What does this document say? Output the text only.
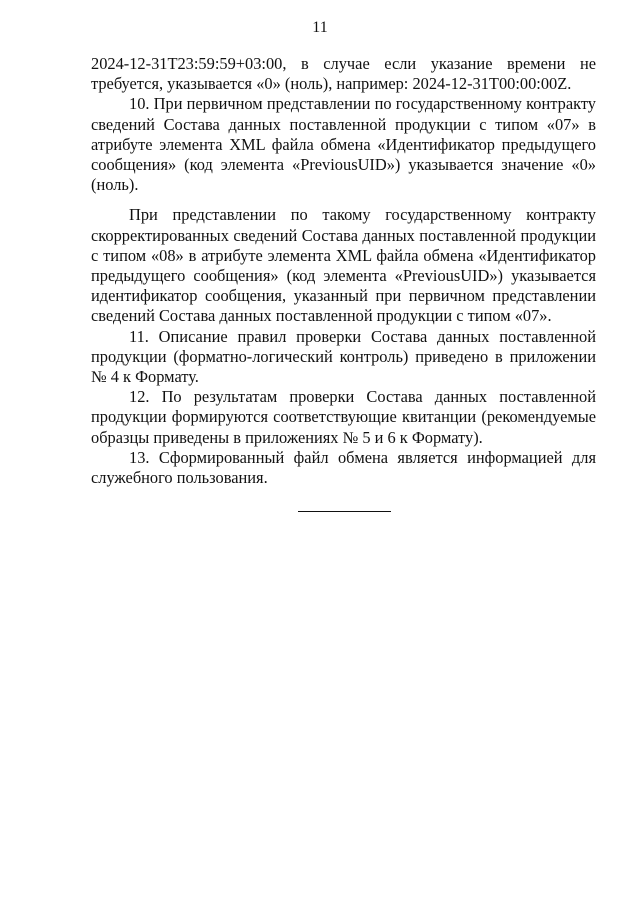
11

2024-12-31T23:59:59+03:00, в случае если указание времени не требуется, указывается «0» (ноль), например: 2024-12-31T00:00:00Z.

10. При первичном представлении по государственному контракту сведений Состава данных поставленной продукции с типом «07» в атрибуте элемента XML файла обмена «Идентификатор предыдущего сообщения» (код элемента «PreviousUID») указывается значение «0» (ноль).

При представлении по такому государственному контракту скорректированных сведений Состава данных поставленной продукции с типом «08» в атрибуте элемента XML файла обмена «Идентификатор предыдущего сообщения» (код элемента «PreviousUID») указывается идентификатор сообщения, указанный при первичном представлении сведений Состава данных поставленной продукции с типом «07».

11. Описание правил проверки Состава данных поставленной продукции (форматно-логический контроль) приведено в приложении № 4 к Формату.

12. По результатам проверки Состава данных поставленной продукции формируются соответствующие квитанции (рекомендуемые образцы приведены в приложениях № 5 и 6 к Формату).

13. Сформированный файл обмена является информацией для служебного пользования.
